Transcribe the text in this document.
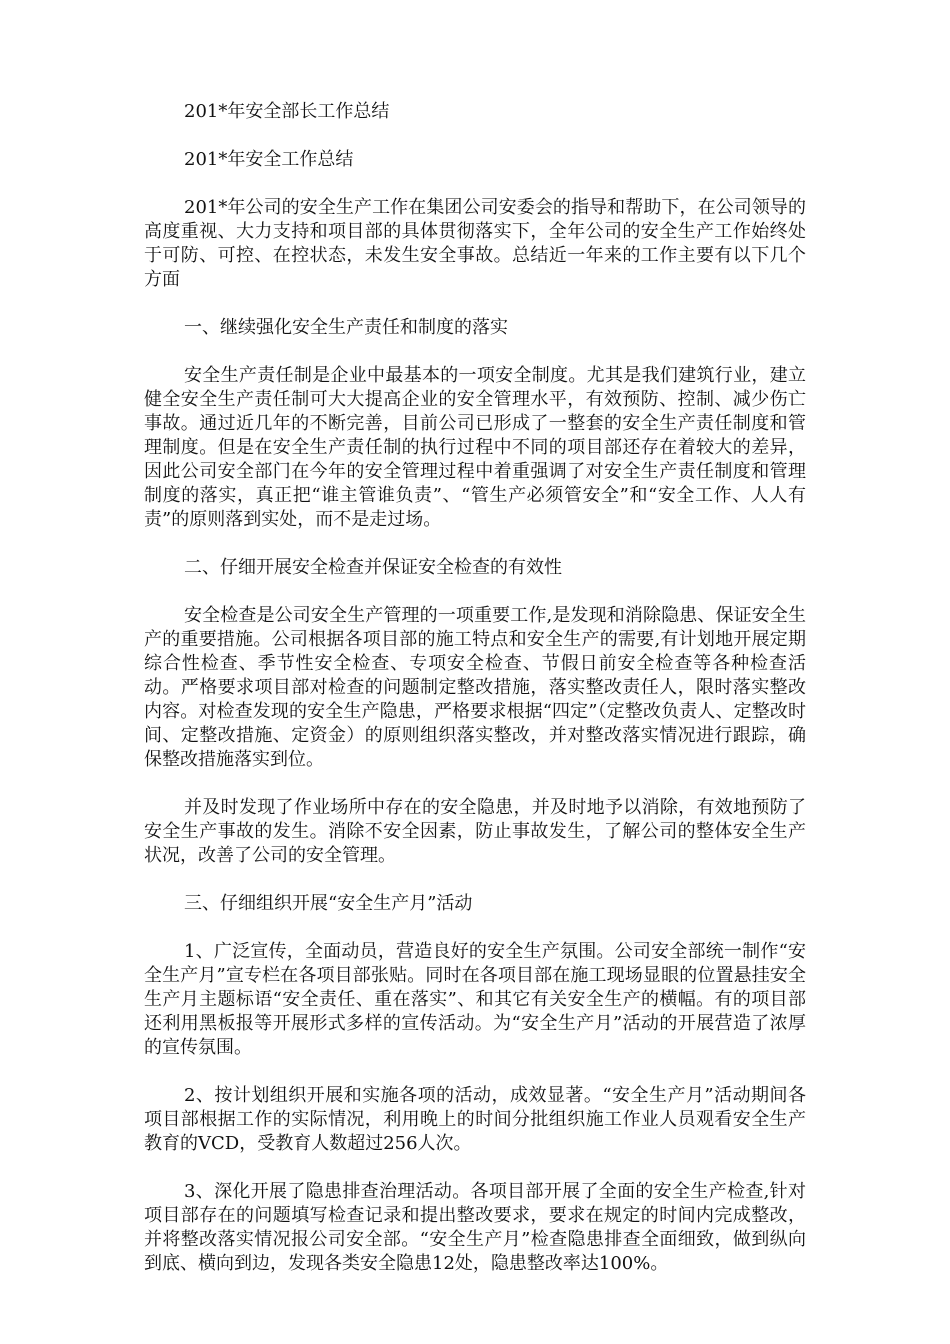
201*年安全部长工作总结

201*年安全工作总结

201*年公司的安全生产工作在集团公司安委会的指导和帮助下，在公司领导的高度重视、大力支持和项目部的具体贯彻落实下，全年公司的安全生产工作始终处于可防、可控、在控状态，未发生安全事故。总结近一年来的工作主要有以下几个方面

一、继续强化安全生产责任和制度的落实

安全生产责任制是企业中最基本的一项安全制度。尤其是我们建筑行业，建立健全安全生产责任制可大大提高企业的安全管理水平，有效预防、控制、减少伤亡事故。通过近几年的不断完善，目前公司已形成了一整套的安全生产责任制度和管理制度。但是在安全生产责任制的执行过程中不同的项目部还存在着较大的差异，因此公司安全部门在今年的安全管理过程中着重强调了对安全生产责任制度和管理制度的落实，真正把“谁主管谁负责”、“管生产必须管安全”和“安全工作、人人有责”的原则落到实处，而不是走过场。

二、仔细开展安全检查并保证安全检查的有效性

安全检查是公司安全生产管理的一项重要工作,是发现和消除隐患、保证安全生产的重要措施。公司根据各项目部的施工特点和安全生产的需要,有计划地开展定期综合性检查、季节性安全检查、专项安全检查、节假日前安全检查等各种检查活动。严格要求项目部对检查的问题制定整改措施，落实整改责任人，限时落实整改内容。对检查发现的安全生产隐患，严格要求根据“四定”（定整改负责人、定整改时间、定整改措施、定资金）的原则组织落实整改，并对整改落实情况进行跟踪，确保整改措施落实到位。

并及时发现了作业场所中存在的安全隐患，并及时地予以消除，有效地预防了安全生产事故的发生。消除不安全因素，防止事故发生，了解公司的整体安全生产状况，改善了公司的安全管理。

三、仔细组织开展“安全生产月”活动

1、广泛宣传，全面动员，营造良好的安全生产氛围。公司安全部统一制作“安全生产月”宣专栏在各项目部张贴。同时在各项目部在施工现场显眼的位置悬挂安全生产月主题标语“安全责任、重在落实”、和其它有关安全生产的横幅。有的项目部还利用黑板报等开展形式多样的宣传活动。为“安全生产月”活动的开展营造了浓厚的宣传氛围。

2、按计划组织开展和实施各项的活动，成效显著。“安全生产月”活动期间各项目部根据工作的实际情况，利用晚上的时间分批组织施工作业人员观看安全生产教育的VCD，受教育人数超过256人次。

3、深化开展了隐患排查治理活动。各项目部开展了全面的安全生产检查,针对项目部存在的问题填写检查记录和提出整改要求，要求在规定的时间内完成整改，并将整改落实情况报公司安全部。“安全生产月”检查隐患排查全面细致，做到纵向到底、横向到边，发现各类安全隐患12处，隐患整改率达100%。
